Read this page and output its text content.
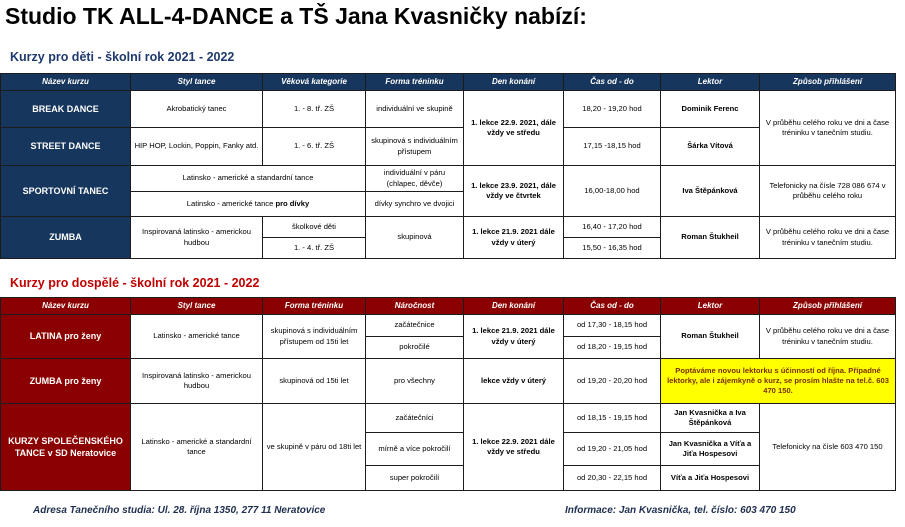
Studio TK ALL-4-DANCE a TŠ Jana Kvasničky nabízí:
Kurzy pro děti - školní rok 2021 - 2022
Název kurzu	Styl tance	Věková kategorie	Forma tréninku	Den konání	Čas od - do	Lektor	Způsob přihlášení
BREAK DANCE	Akrobatický tanec	1. - 8. tř. ZŠ	individuální ve skupině	1. lekce 22.9. 2021, dále vždy ve středu	18,20 - 19,20 hod	Dominik Ferenc	V průběhu celého roku ve dni a čase tréninku v tanečním studiu.
STREET DANCE	HIP HOP, Lockin, Poppin, Fanky atd.	1. - 6. tř. ZŠ	skupinová s individuálním přístupem		17,15 -18,15 hod	Šárka Vítová	
SPORTOVNÍ TANEC	Latinsko - americké a standardní tance		individuální v páru (chlapec, děvče)	1. lekce 23.9. 2021, dále vždy ve čtvrtek	16,00-18,00 hod	Iva Štěpánková	Telefonicky na čísle 728 086 674 v průběhu celého roku
	Latinsko - americké tance pro dívky		dívky synchro ve dvojici				
ZUMBA	Inspirovaná latinsko - americkou hudbou	školkové děti	skupinová	1. lekce 21.9. 2021 dále vždy v úterý	16,40 - 17,20 hod	Roman Štukheil	V průběhu celého roku ve dni a čase tréninku v tanečním studiu.
		1. - 4. tř. ZŠ			15,50 - 16,35 hod		
Kurzy pro dospělé - školní rok 2021 - 2022
Název kurzu	Styl tance	Forma tréninku	Náročnost	Den konání	Čas od - do	Lektor	Způsob přihlášení
LATINA pro ženy	Latinsko - americké tance	skupinová s individuálním přístupem od 15ti let	začátečnice	1. lekce 21.9. 2021 dále vždy v úterý	od 17,30 - 18,15 hod	Roman Štukheil	V průběhu celého roku ve dni a čase tréninku v tanečním studiu.
			pokročilé		od 18,20 - 19,15 hod		
ZUMBA pro ženy	Inspirovaná latinsko - americkou hudbou	skupinová od 15ti let	pro všechny	lekce vždy v úterý	od 19,20 - 20,20 hod	Poptáváme novou lektorku s účinností od října. Případné lektorky, ale i zájemkyně o kurz, se prosím hlašte na tel.č. 603 470 150.	
KURZY SPOLEČENSKÉHO TANCE v SD Neratovice	Latinsko - americké a standardní tance	ve skupině v páru od 18ti let	začátečníci	1. lekce 22.9. 2021 dále vždy ve středu	od 18,15 - 19,15 hod	Jan Kvasnička a Iva Štěpánková	Telefonicky na čísle 603 470 150
			mírně a více pokročilí		od 19,20 - 21,05 hod	Jan Kvasnička a Víťa a Jiťa Hospesovi	
			super pokročilí		od 20,30 - 22,15 hod	Víťa a Jiťa Hospesovi	
Adresa Tanečního studia: Ul. 28. října 1350, 277 11 Neratovice	Informace: Jan Kvasnička, tel. číslo: 603 470 150
